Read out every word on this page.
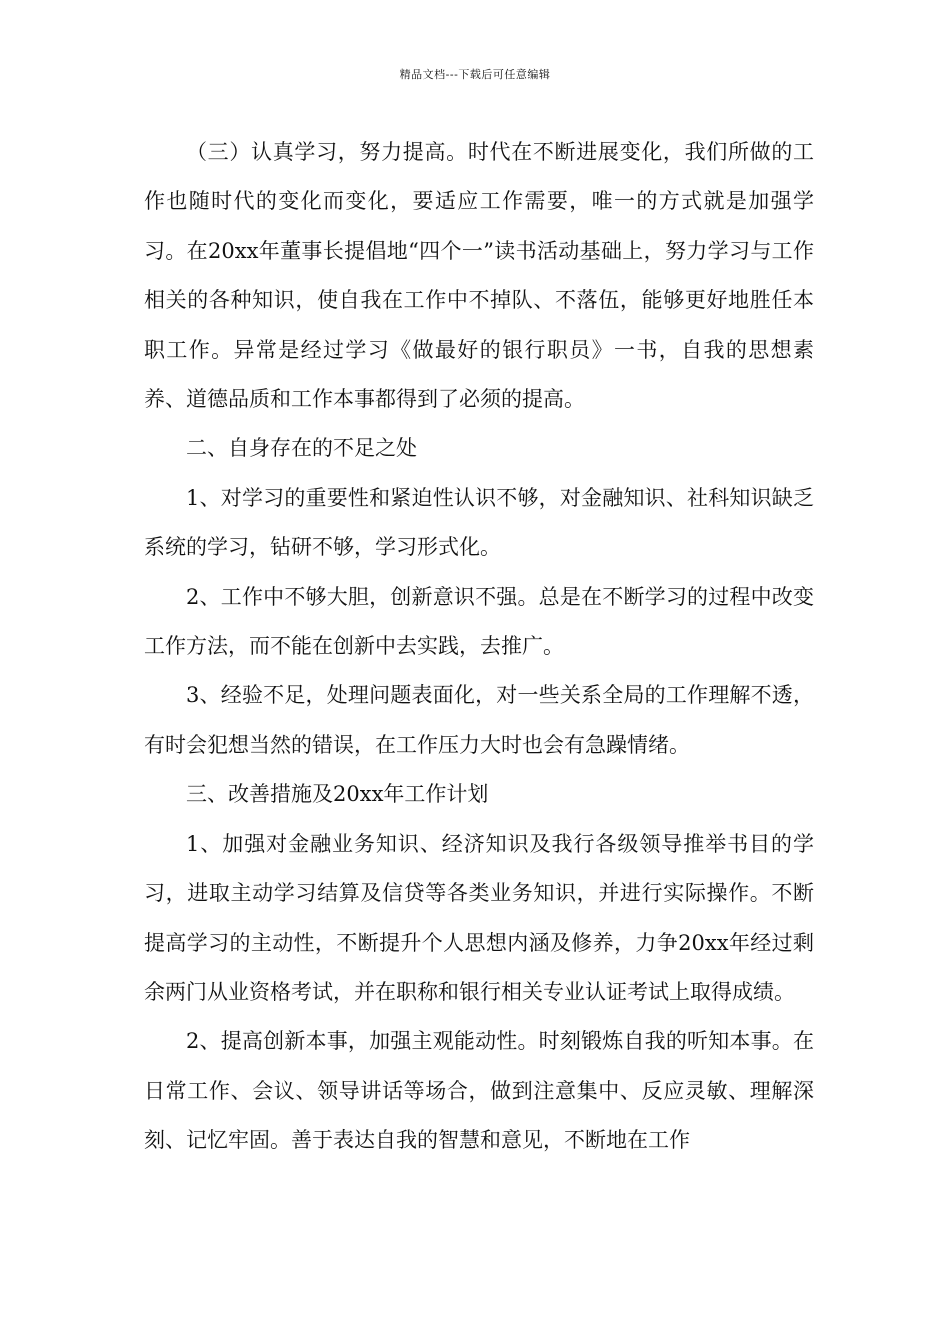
精品文档---下载后可任意编辑

（三）认真学习，努力提高。时代在不断进展变化，我们所做的工作也随时代的变化而变化，要适应工作需要，唯一的方式就是加强学习。在20xx年董事长提倡地“四个一”读书活动基础上，努力学习与工作相关的各种知识，使自我在工作中不掉队、不落伍，能够更好地胜任本职工作。异常是经过学习《做最好的银行职员》一书，自我的思想素养、道德品质和工作本事都得到了必须的提高。

二、自身存在的不足之处

1、对学习的重要性和紧迫性认识不够，对金融知识、社科知识缺乏系统的学习，钻研不够，学习形式化。

2、工作中不够大胆，创新意识不强。总是在不断学习的过程中改变工作方法，而不能在创新中去实践，去推广。

3、经验不足，处理问题表面化，对一些关系全局的工作理解不透，有时会犯想当然的错误，在工作压力大时也会有急躁情绪。

三、改善措施及20xx年工作计划

1、加强对金融业务知识、经济知识及我行各级领导推举书目的学习，进取主动学习结算及信贷等各类业务知识，并进行实际操作。不断提高学习的主动性，不断提升个人思想内涵及修养，力争20xx年经过剩余两门从业资格考试，并在职称和银行相关专业认证考试上取得成绩。

2、提高创新本事，加强主观能动性。时刻锻炼自我的听知本事。在日常工作、会议、领导讲话等场合，做到注意集中、反应灵敏、理解深刻、记忆牢固。善于表达自我的智慧和意见，不断地在工作
